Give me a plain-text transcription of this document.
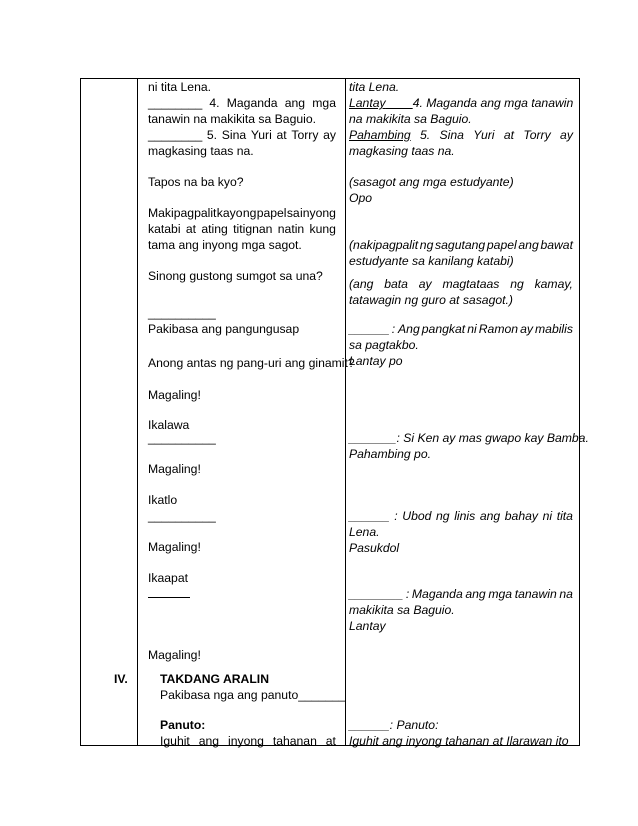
ni tita Lena.
________ 4. Maganda ang mga
tanawin na makikita sa Baguio.
________ 5. Sina Yuri at Torry ay
magkasing taas na.
Tapos na ba kyo?
Makipagpalit kayo ng papel sa inyong
katabi at ating titignan natin kung
tama ang inyong mga sagot.
Sinong gustong sumgot sa una?
__________
Pakibasa ang pangungusap
Anong antas ng pang-uri ang ginamit?
Magaling!
Ikalawa
__________
Magaling!
Ikatlo
__________
Magaling!
Ikaapat
Magaling!
IV.	TAKDANG ARALIN
Pakibasa nga ang panuto_______
Panuto:
Iguhit ang inyong tahanan at
tita Lena.
Lantay 4. Maganda ang mga tanawin
na makikita sa Baguio.
Pahambing 5. Sina Yuri at Torry ay
magkasing taas na.
(sasagot ang mga estudyante)
Opo
(nakipagpalit ng sagutang papel ang bawat
estudyante sa kanilang katabi)
(ang bata ay magtataas ng kamay,
tatawagin ng guro at sasagot.)
______ : Ang pangkat ni Ramon ay mabilis
sa pagtakbo.
Lantay po
_______: Si Ken ay mas gwapo kay Bamba.
Pahambing po.
______ : Ubod ng linis ang bahay ni tita
Lena.
Pasukdol
________ : Maganda ang mga tanawin na
makikita sa Baguio.
Lantay
______: Panuto:
Iguhit ang inyong tahanan at Ilarawan ito
